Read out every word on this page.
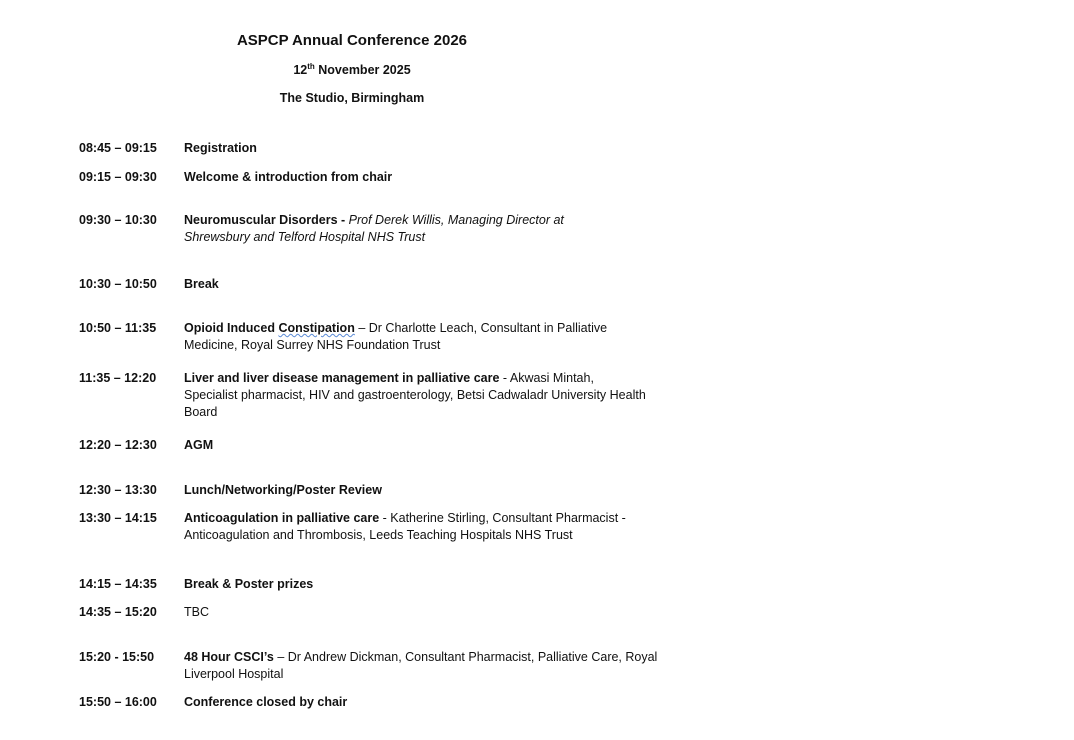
ASPCP Annual Conference 2026
12th November 2025
The Studio, Birmingham
08:45 – 09:15	Registration
09:15 – 09:30	Welcome & introduction from chair
09:30 – 10:30	Neuromuscular Disorders - Prof Derek Willis, Managing Director at Shrewsbury and Telford Hospital NHS Trust
10:30 – 10:50	Break
10:50 – 11:35	Opioid Induced Constipation – Dr Charlotte Leach, Consultant in Palliative Medicine, Royal Surrey NHS Foundation Trust
11:35 – 12:20	Liver and liver disease management in palliative care - Akwasi Mintah, Specialist pharmacist, HIV and gastroenterology, Betsi Cadwaladr University Health Board
12:20 – 12:30	AGM
12:30 – 13:30	Lunch/Networking/Poster Review
13:30 – 14:15	Anticoagulation in palliative care - Katherine Stirling, Consultant Pharmacist - Anticoagulation and Thrombosis, Leeds Teaching Hospitals NHS Trust
14:15 – 14:35	Break & Poster prizes
14:35 – 15:20	TBC
15:20 - 15:50	48 Hour CSCI’s – Dr Andrew Dickman, Consultant Pharmacist, Palliative Care, Royal Liverpool Hospital
15:50 – 16:00	Conference closed by chair
